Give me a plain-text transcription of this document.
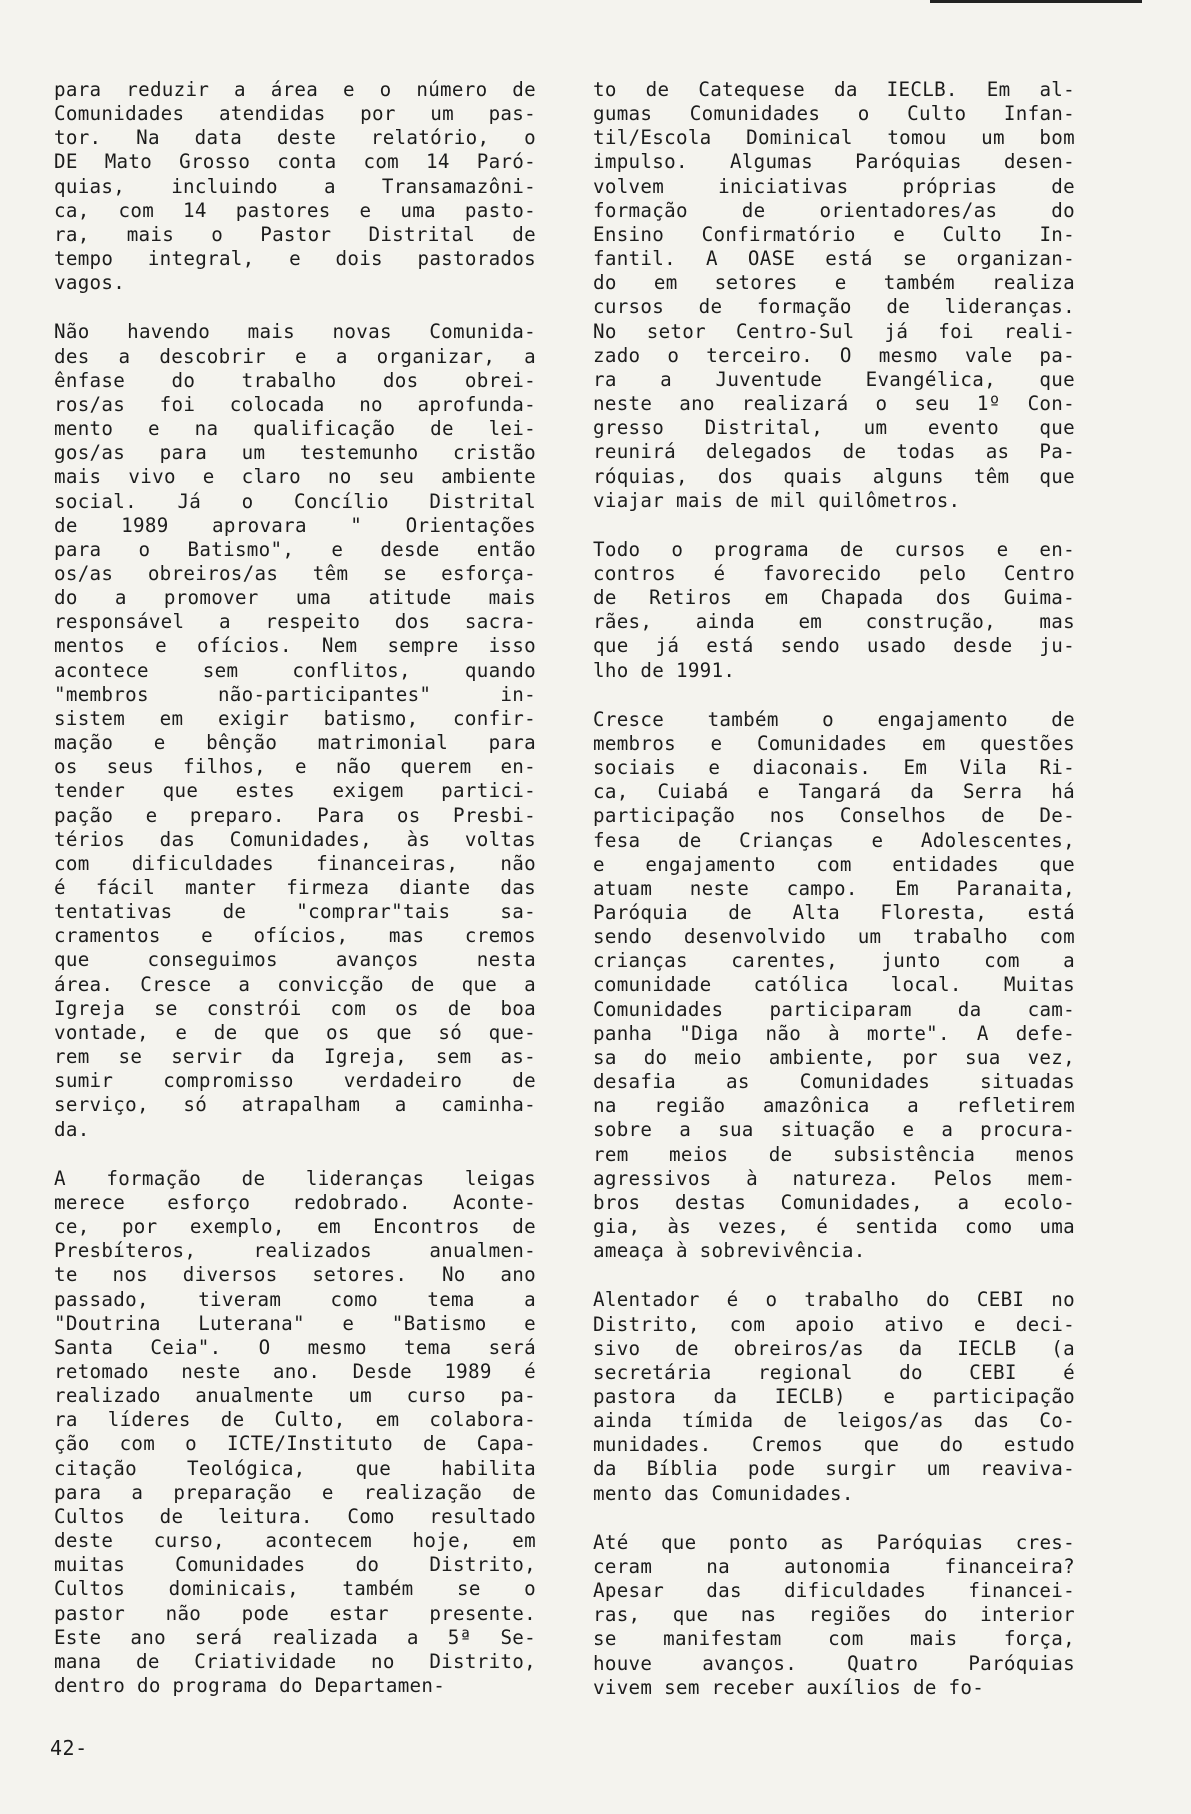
para reduzir a área e o número de
Comunidades atendidas por um pas-
tor. Na data deste relatório, o
DE Mato Grosso conta com 14 Paró-
quias, incluindo a Transamazôni-
ca, com 14 pastores e uma pasto-
ra, mais o Pastor Distrital de
tempo integral, e dois pastorados
vagos.

Não havendo mais novas Comunida-
des a descobrir e a organizar, a
ênfase do trabalho dos obrei-
ros/as foi colocada no aprofunda-
mento e na qualificação de lei-
gos/as para um testemunho cristão
mais vivo e claro no seu ambiente
social. Já o Concílio Distrital
de 1989 aprovara " Orientações
para o Batismo", e desde então
os/as obreiros/as têm se esforça-
do a promover uma atitude mais
responsável a respeito dos sacra-
mentos e ofícios. Nem sempre isso
acontece sem conflitos, quando
"membros não-participantes" in-
sistem em exigir batismo, confir-
mação e bênção matrimonial para
os seus filhos, e não querem en-
tender que estes exigem partici-
pação e preparo. Para os Presbi-
térios das Comunidades, às voltas
com dificuldades financeiras, não
é fácil manter firmeza diante das
tentativas de "comprar"tais sa-
cramentos e ofícios, mas cremos
que conseguimos avanços nesta
área. Cresce a convicção de que a
Igreja se constrói com os de boa
vontade, e de que os que só que-
rem se servir da Igreja, sem as-
sumir compromisso verdadeiro de
serviço, só atrapalham a caminha-
da.

A formação de lideranças leigas
merece esforço redobrado. Aconte-
ce, por exemplo, em Encontros de
Presbíteros, realizados anualmen-
te nos diversos setores. No ano
passado, tiveram como tema a
"Doutrina Luterana" e "Batismo e
Santa Ceia". O mesmo tema será
retomado neste ano. Desde 1989 é
realizado anualmente um curso pa-
ra líderes de Culto, em colabora-
ção com o ICTE/Instituto de Capa-
citação Teológica, que habilita
para a preparação e realização de
Cultos de leitura. Como resultado
deste curso, acontecem hoje, em
muitas Comunidades do Distrito,
Cultos dominicais, também se o
pastor não pode estar presente.
Este ano será realizada a 5ª Se-
mana de Criatividade no Distrito,
dentro do programa do Departamen-

to de Catequese da IECLB. Em al-
gumas Comunidades o Culto Infan-
til/Escola Dominical tomou um bom
impulso. Algumas Paróquias desen-
volvem iniciativas próprias de
formação de orientadores/as do
Ensino Confirmatório e Culto In-
fantil. A OASE está se organizan-
do em setores e também realiza
cursos de formação de lideranças.
No setor Centro-Sul já foi reali-
zado o terceiro. O mesmo vale pa-
ra a Juventude Evangélica, que
neste ano realizará o seu 1º Con-
gresso Distrital, um evento que
reunirá delegados de todas as Pa-
róquias, dos quais alguns têm que
viajar mais de mil quilômetros.

Todo o programa de cursos e en-
contros é favorecido pelo Centro
de Retiros em Chapada dos Guima-
rães, ainda em construção, mas
que já está sendo usado desde ju-
lho de 1991.

Cresce também o engajamento de
membros e Comunidades em questões
sociais e diaconais. Em Vila Ri-
ca, Cuiabá e Tangará da Serra há
participação nos Conselhos de De-
fesa de Crianças e Adolescentes,
e engajamento com entidades que
atuam neste campo. Em Paranaita,
Paróquia de Alta Floresta, está
sendo desenvolvido um trabalho com
crianças carentes, junto com a
comunidade católica local. Muitas
Comunidades participaram da cam-
panha "Diga não à morte". A defe-
sa do meio ambiente, por sua vez,
desafia as Comunidades situadas
na região amazônica a refletirem
sobre a sua situação e a procura-
rem meios de subsistência menos
agressivos à natureza. Pelos mem-
bros destas Comunidades, a ecolo-
gia, às vezes, é sentida como uma
ameaça à sobrevivência.

Alentador é o trabalho do CEBI no
Distrito, com apoio ativo e deci-
sivo de obreiros/as da IECLB (a
secretária regional do CEBI é
pastora da IECLB) e participação
ainda tímida de leigos/as das Co-
munidades. Cremos que do estudo
da Bíblia pode surgir um reaviva-
mento das Comunidades.

Até que ponto as Paróquias cres-
ceram na autonomia financeira?
Apesar das dificuldades financei-
ras, que nas regiões do interior
se manifestam com mais força,
houve avanços. Quatro Paróquias
vivem sem receber auxílios de fo-

42-
